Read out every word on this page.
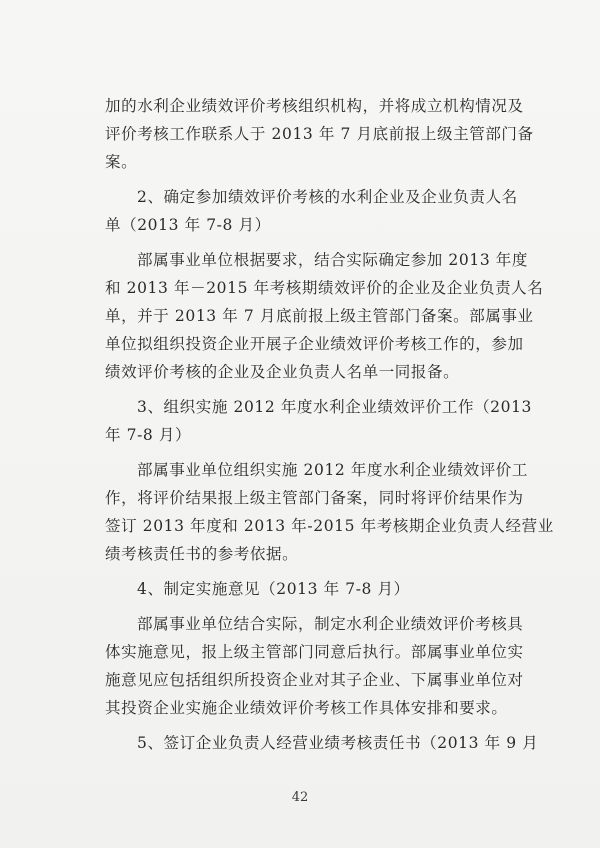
加的水利企业绩效评价考核组织机构，并将成立机构情况及
评价考核工作联系人于 2013 年 7 月底前报上级主管部门备
案。
2、确定参加绩效评价考核的水利企业及企业负责人名
单（2013 年 7-8 月）
部属事业单位根据要求，结合实际确定参加 2013 年度
和 2013 年－2015 年考核期绩效评价的企业及企业负责人名
单，并于 2013 年 7 月底前报上级主管部门备案。部属事业
单位拟组织投资企业开展子企业绩效评价考核工作的，参加
绩效评价考核的企业及企业负责人名单一同报备。
3、组织实施 2012 年度水利企业绩效评价工作（2013
年 7-8 月）
部属事业单位组织实施 2012 年度水利企业绩效评价工
作，将评价结果报上级主管部门备案，同时将评价结果作为
签订 2013 年度和 2013 年-2015 年考核期企业负责人经营业
绩考核责任书的参考依据。
4、制定实施意见（2013 年 7-8 月）
部属事业单位结合实际，制定水利企业绩效评价考核具
体实施意见，报上级主管部门同意后执行。部属事业单位实
施意见应包括组织所投资企业对其子企业、下属事业单位对
其投资企业实施企业绩效评价考核工作具体安排和要求。
5、签订企业负责人经营业绩考核责任书（2013 年 9 月
42
